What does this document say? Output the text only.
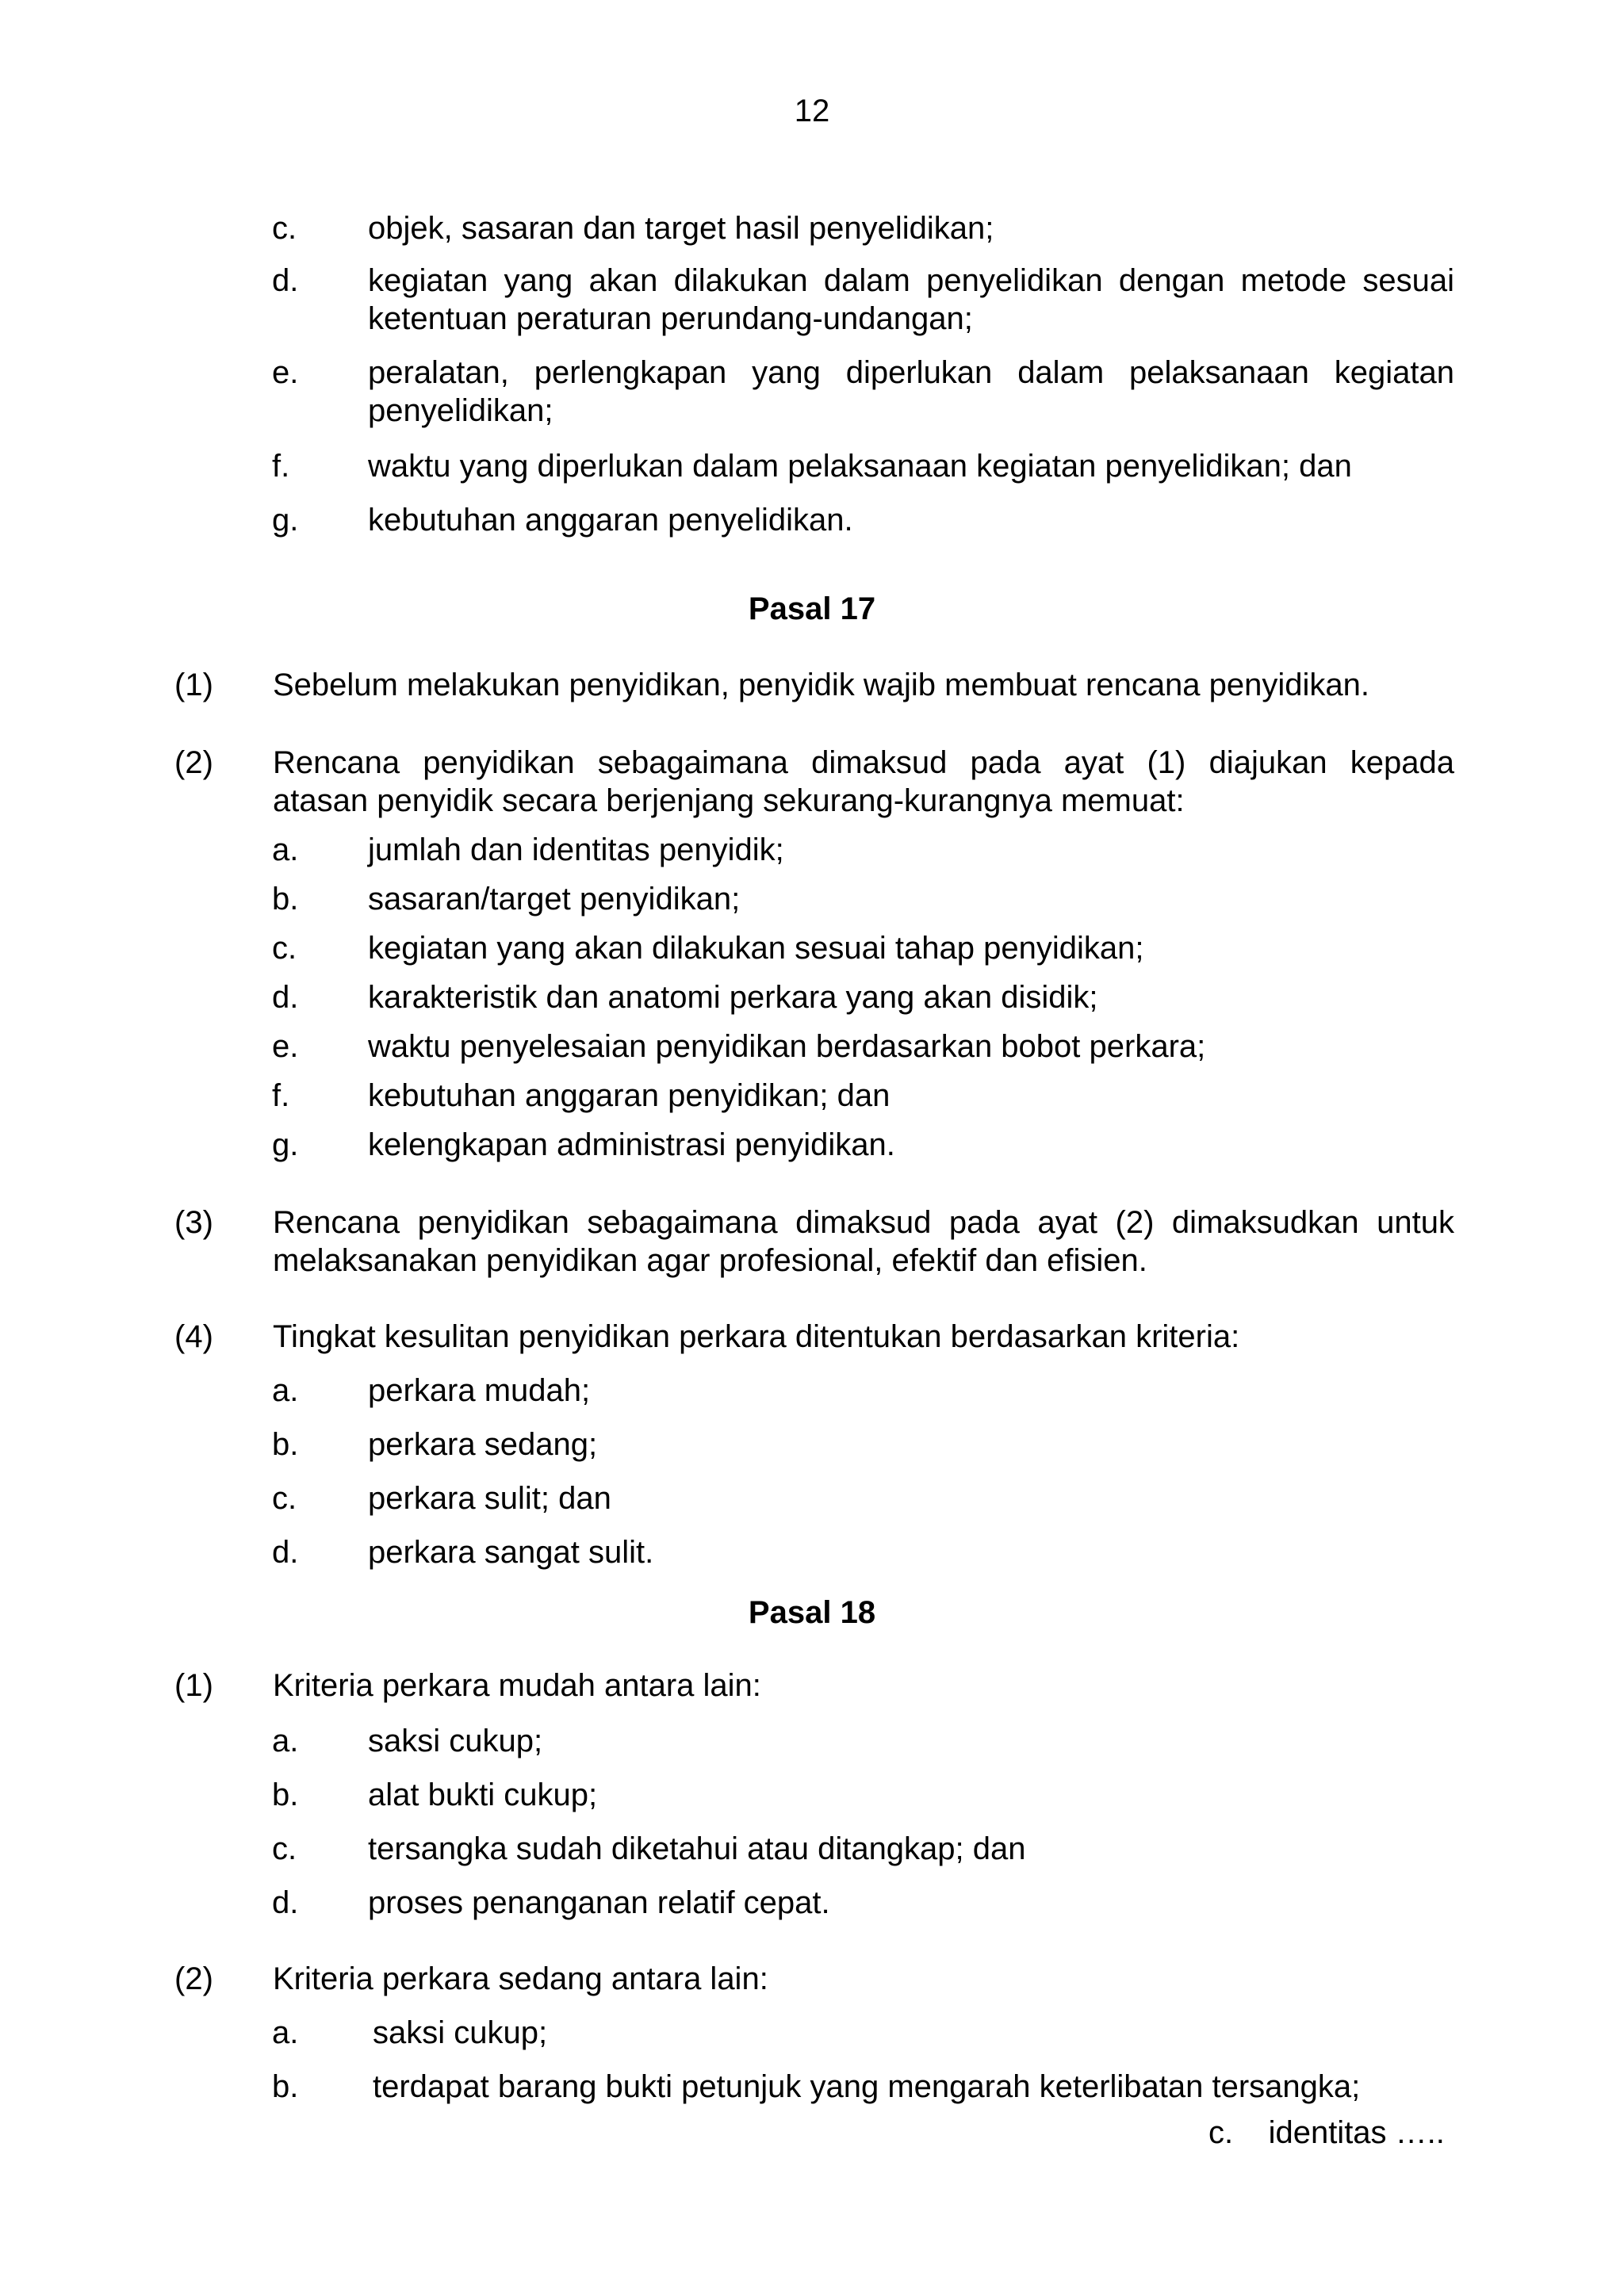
12
c. objek, sasaran dan target hasil penyelidikan;
d. kegiatan yang akan dilakukan dalam penyelidikan dengan metode sesuai
ketentuan peraturan perundang-undangan;
e. peralatan, perlengkapan yang diperlukan dalam pelaksanaan kegiatan
penyelidikan;
f. waktu yang diperlukan dalam pelaksanaan kegiatan penyelidikan; dan
g. kebutuhan anggaran penyelidikan.
Pasal 17
(1) Sebelum melakukan penyidikan, penyidik wajib membuat rencana penyidikan.
(2) Rencana penyidikan sebagaimana dimaksud pada ayat (1) diajukan kepada
atasan penyidik secara berjenjang sekurang-kurangnya memuat:
a. jumlah dan identitas penyidik;
b. sasaran/target penyidikan;
c. kegiatan yang akan dilakukan sesuai tahap penyidikan;
d. karakteristik dan anatomi perkara yang akan disidik;
e. waktu penyelesaian penyidikan berdasarkan bobot perkara;
f. kebutuhan anggaran penyidikan; dan
g. kelengkapan administrasi penyidikan.
(3) Rencana penyidikan sebagaimana dimaksud pada ayat (2) dimaksudkan untuk
melaksanakan penyidikan agar profesional, efektif dan efisien.
(4) Tingkat kesulitan penyidikan perkara ditentukan berdasarkan kriteria:
a. perkara mudah;
b. perkara sedang;
c. perkara sulit; dan
d. perkara sangat sulit.
Pasal 18
(1) Kriteria perkara mudah antara lain:
a. saksi cukup;
b. alat bukti cukup;
c. tersangka sudah diketahui atau ditangkap; dan
d. proses penanganan relatif cepat.
(2) Kriteria perkara sedang antara lain:
a. saksi cukup;
b. terdapat barang bukti petunjuk yang mengarah keterlibatan tersangka;
c.    identitas …..
